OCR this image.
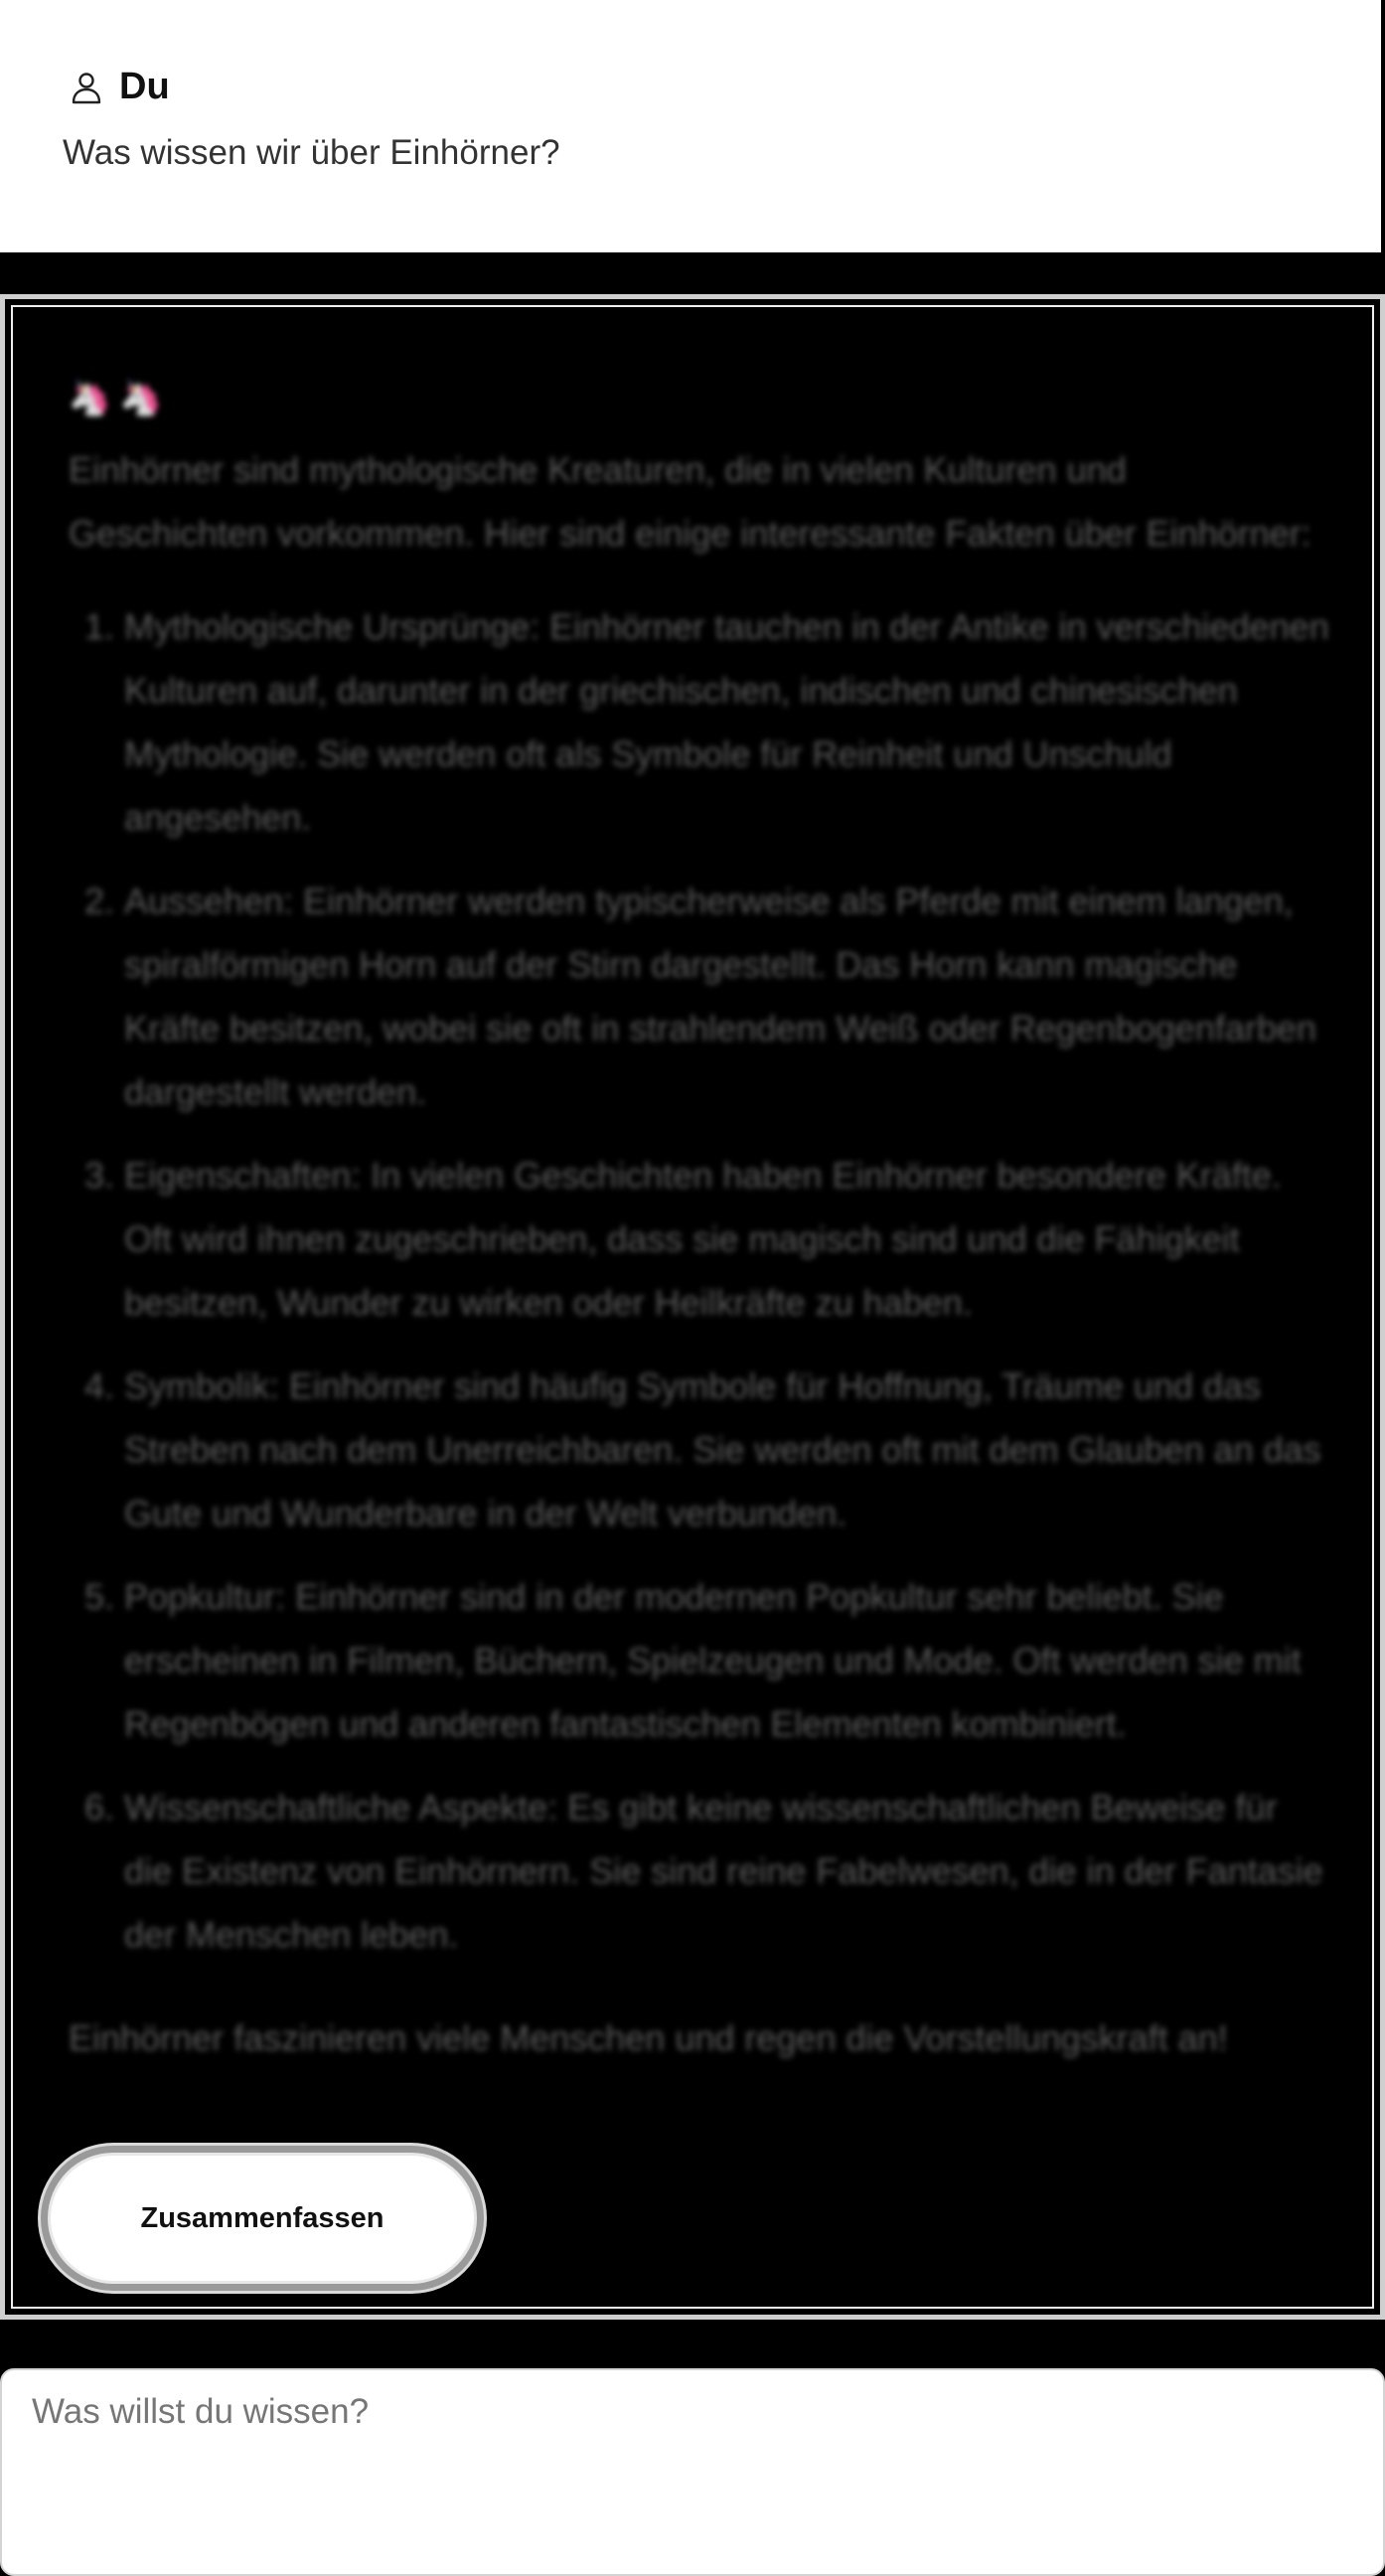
Du
Was wissen wir über Einhörner?
🦄 🦄

Einhörner sind mythologische Kreaturen, die in vielen Kulturen und Geschichten vorkommen. Hier sind einige interessante Fakten über Einhörner:

1. Mythologische Ursprünge: Einhörner tauchen in der Antike in verschiedenen Kulturen auf, darunter in der griechischen, indischen und chinesischen Mythologie. Sie werden oft als Symbole für Reinheit und Unschuld angesehen.
2. Aussehen: Einhörner werden typischerweise als Pferde mit einem langen, spiralförmigen Horn auf der Stirn dargestellt. Das Horn kann magische Kräfte besitzen, wobei sie oft in strahlendem Weiß oder Regenbogenfarben dargestellt werden.
3. Eigenschaften: In vielen Geschichten haben Einhörner besondere Kräfte. Oft wird ihnen zugeschrieben, dass sie magisch sind und die Fähigkeit besitzen, Wunder zu wirken oder Heilkräfte zu haben.
4. Symbolik: Einhörner sind häufig Symbole für Hoffnung, Träume und das Streben nach dem Unerreichbaren. Sie werden oft mit dem Glauben an das Gute und Wunderbare in der Welt verbunden.
5. Popkultur: Einhörner sind in der modernen Popkultur sehr beliebt. Sie erscheinen in Filmen, Büchern, Spielzeugen und Mode. Oft werden sie mit Regenbögen und anderen fantastischen Elementen kombiniert.
6. Wissenschaftliche Aspekte: Es gibt keine wissenschaftlichen Beweise für die Existenz von Einhörnern. Sie sind reine Fabelwesen, die in der Fantasie der Menschen leben.

Einhörner faszinieren viele Menschen und regen die Vorstellungskraft an!

Zusammenfassen
Was willst du wissen?
